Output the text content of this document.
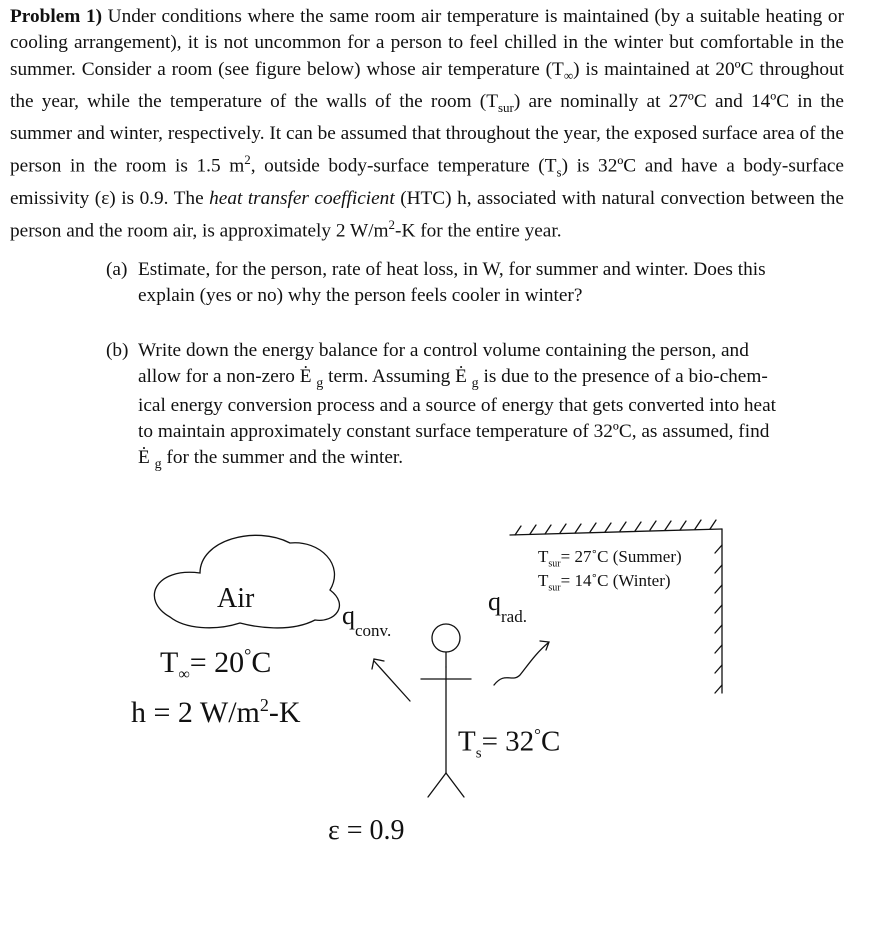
Problem 1) Under conditions where the same room air temperature is maintained (by a suitable heating or cooling arrangement), it is not uncommon for a person to feel chilled in the winter but comfortable in the summer. Consider a room (see figure below) whose air temperature $(T_\infty)$ is maintained at 20ºC throughout the year, while the temperature of the walls of the room $(T_{sur})$ are nominally at 27ºC and 14ºC in the summer and winter, respectively. It can be assumed that throughout the year, the exposed surface area of the person in the room is 1.5 $m^2$, outside body-surface temperature $(T_s)$ is 32ºC and have a body-surface emissivity (ε) is 0.9. The heat transfer coefficient (HTC) h, associated with natural convection between the person and the room air, is approximately 2 $W/m^2-K$ for the entire year.
(a) Estimate, for the person, rate of heat loss, in W, for summer and winter. Does this
explain (yes or no) why the person feels cooler in winter?
(b) Write down the energy balance for a control volume containing the person, and
allow for a non-zero Ė $_g$ term. Assuming Ė $_g$ is due to the presence of a bio-chem-
ical energy conversion process and a source of energy that gets converted into heat
to maintain approximately constant surface temperature of 32ºC, as assumed, find
Ė $_g$ for the summer and the winter.
Air
$T_\infty= 20^\circ C$
h = 2 $W/m^2-K$
$q_{conv.}$
$q_{rad.}$
$T_{sur}=$ 27˚C (Summer)
$T_{sur}=$ 14˚C (Winter)
$T_s= 32^\circ C$
ε = 0.9
